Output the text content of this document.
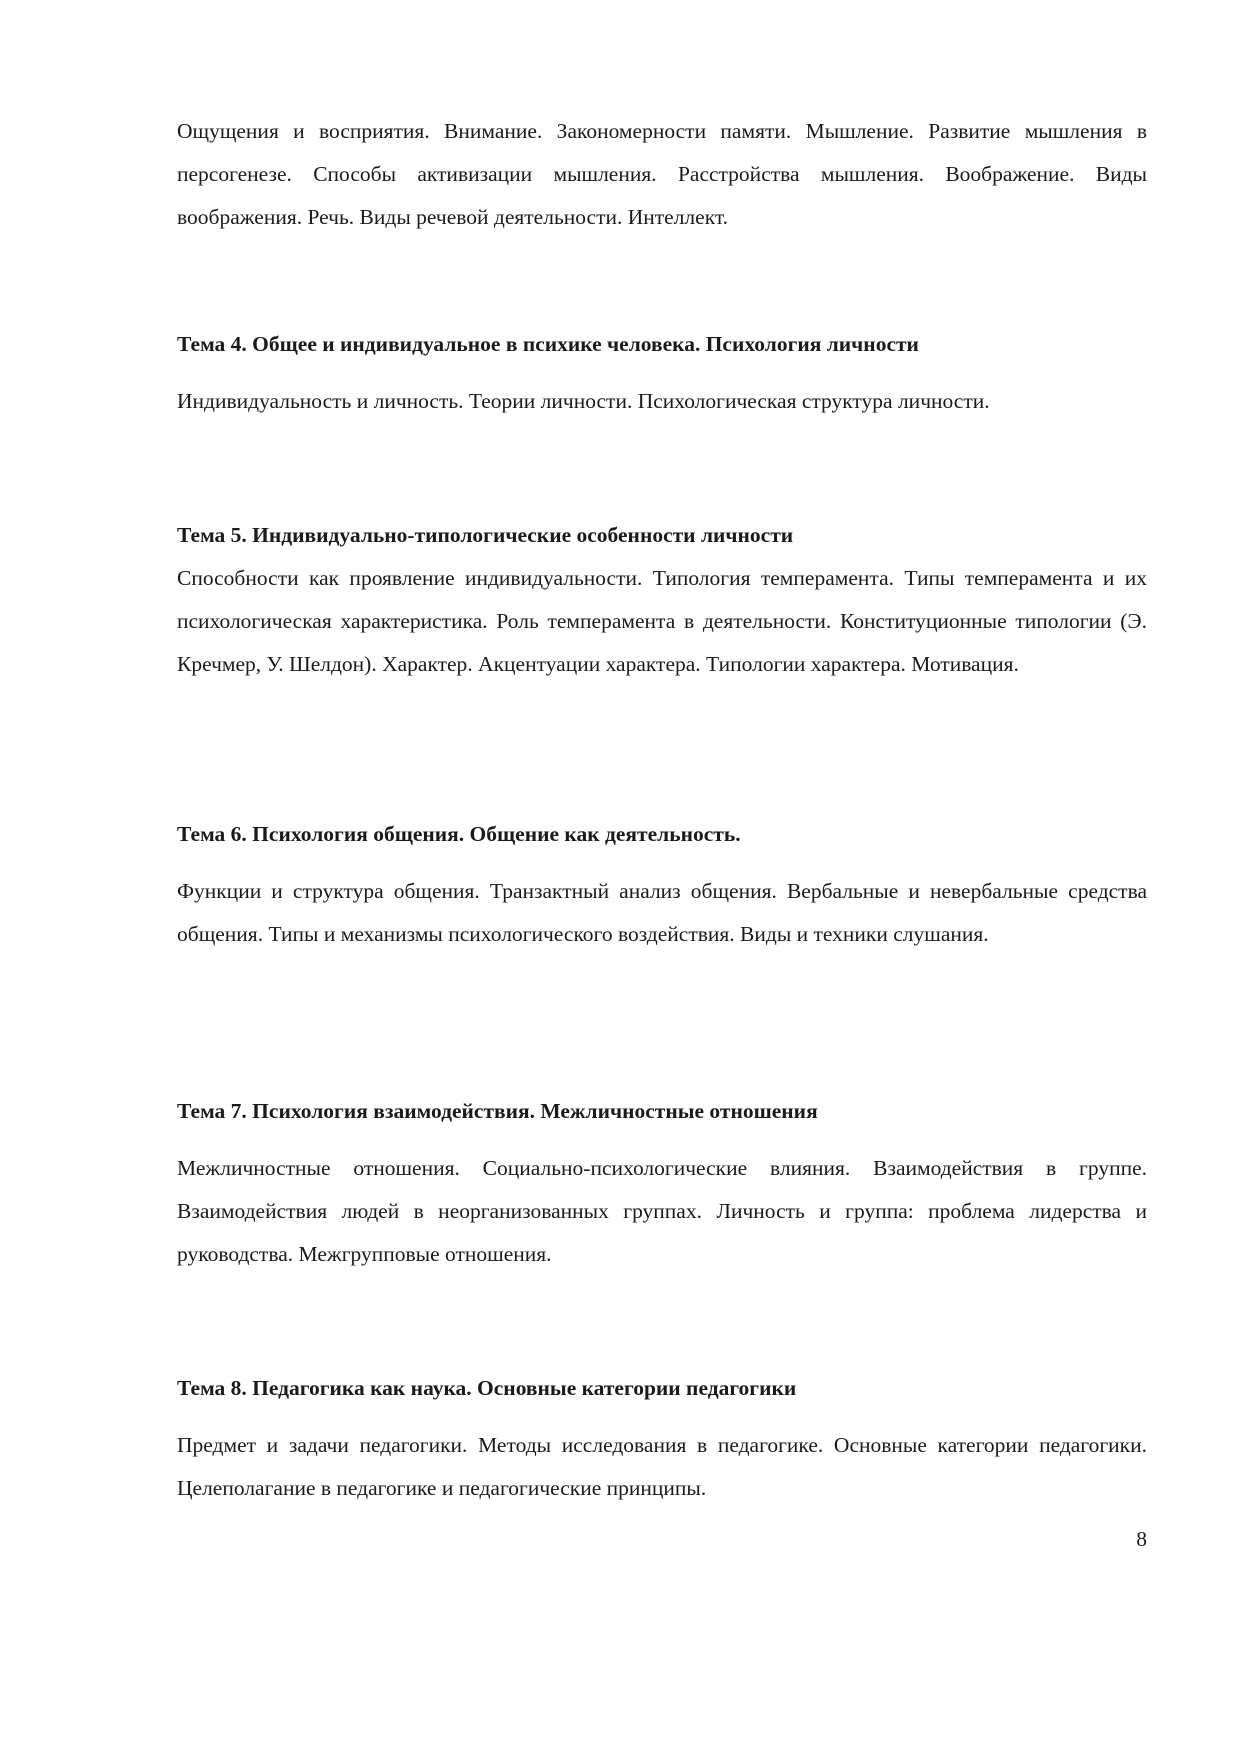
Ощущения и восприятия. Внимание. Закономерности памяти. Мышление. Развитие мышления в персогенезе. Способы активизации мышления. Расстройства мышления. Воображение. Виды воображения. Речь. Виды речевой деятельности. Интеллект.

Тема 4. Общее и индивидуальное в психике человека. Психология личности

Индивидуальность и личность. Теории личности. Психологическая структура личности.

Тема 5. Индивидуально-типологические особенности личности

Способности как проявление индивидуальности. Типология темперамента. Типы темперамента и их психологическая характеристика. Роль темперамента в деятельности. Конституционные типологии (Э. Кречмер, У. Шелдон). Характер. Акцентуации характера. Типологии характера. Мотивация.

Тема 6. Психология общения. Общение как деятельность.

Функции и структура общения. Транзактный анализ общения. Вербальные и невербальные средства общения. Типы и механизмы психологического воздействия. Виды и техники слушания.

Тема 7. Психология взаимодействия. Межличностные отношения

Межличностные отношения. Социально-психологические влияния. Взаимодействия в группе. Взаимодействия людей в неорганизованных группах. Личность и группа: проблема лидерства и руководства. Межгрупповые отношения.

Тема 8. Педагогика как наука. Основные категории педагогики

Предмет и задачи педагогики. Методы исследования в педагогике. Основные категории педагогики. Целеполагание в педагогике и педагогические принципы.

8
